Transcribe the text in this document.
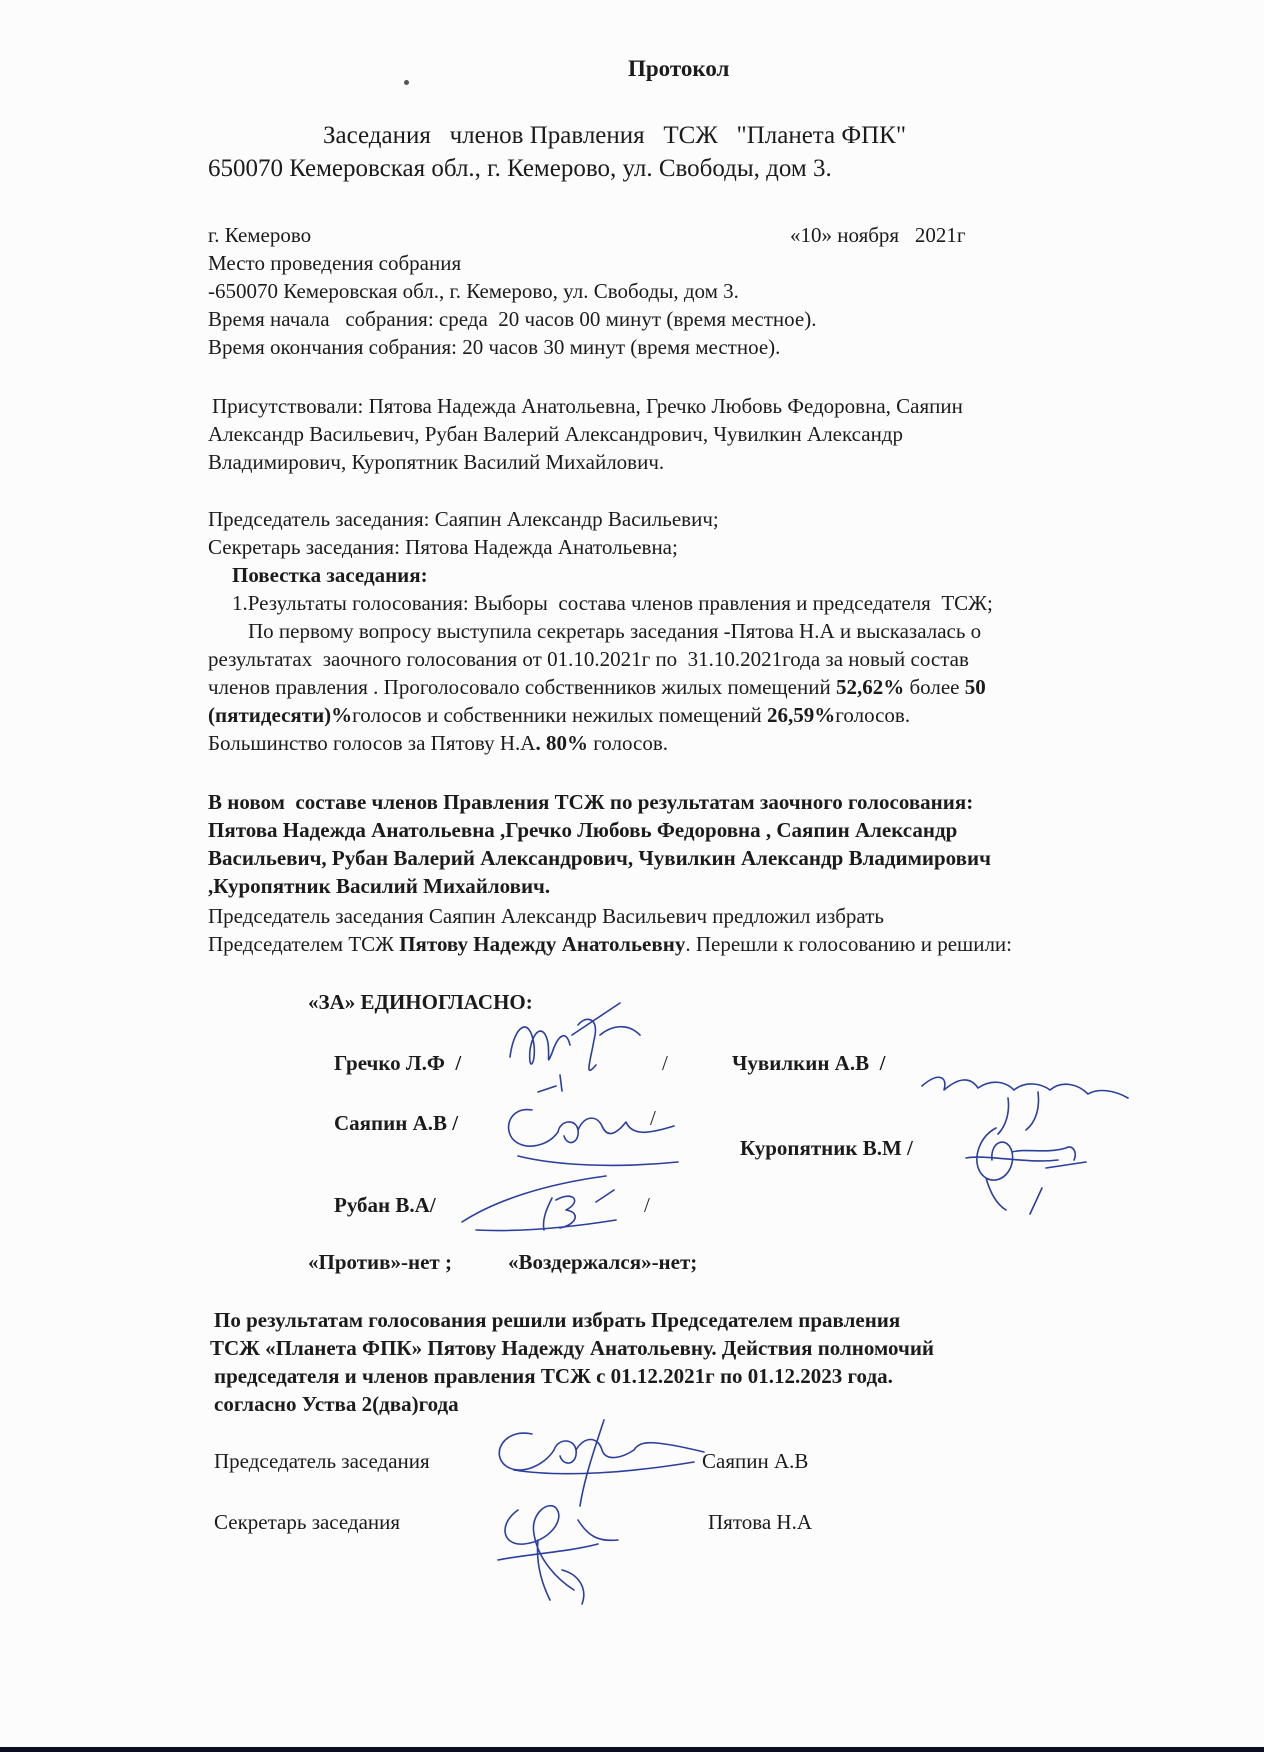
Протокол
Заседания   членов Правления   ТСЖ   "Планета ФПК"
650070 Кемеровская обл., г. Кемерово, ул. Свободы, дом 3.
г. Кемерово	«10» ноября   2021г
Место проведения собрания
-650070 Кемеровская обл., г. Кемерово, ул. Свободы, дом 3.
Время начала   собрания: среда  20 часов 00 минут (время местное).
Время окончания собрания: 20 часов 30 минут (время местное).
Присутствовали: Пятова Надежда Анатольевна, Гречко Любовь Федоровна, Саяпин
Александр Васильевич, Рубан Валерий Александрович, Чувилкин Александр
Владимирович, Куропятник Василий Михайлович.
Председатель заседания: Саяпин Александр Васильевич;
Секретарь заседания: Пятова Надежда Анатольевна;
Повестка заседания:
1.Результаты голосования: Выборы  состава членов правления и председателя  ТСЖ;
По первому вопросу выступила секретарь заседания -Пятова Н.А и высказалась о
результатах  заочного голосования от 01.10.2021г по  31.10.2021года за новый состав
членов правления . Проголосовало собственников жилых помещений 52,62% более 50
(пятидесяти)%голосов и собственники нежилых помещений 26,59%голосов.
Большинство голосов за Пятову Н.А. 80% голосов.
В новом  составе членов Правления ТСЖ по результатам заочного голосования:
Пятова Надежда Анатольевна ,Гречко Любовь Федоровна , Саяпин Александр
Васильевич, Рубан Валерий Александрович, Чувилкин Александр Владимирович
,Куропятник Василий Михайлович.
Председатель заседания Саяпин Александр Васильевич предложил избрать
Председателем ТСЖ Пятову Надежду Анатольевну. Перешли к голосованию и решили:
«ЗА» ЕДИНОГЛАСНО:
Гречко Л.Ф  /	/	Чувилкин А.В  /
Саяпин А.В /	/
Куропятник В.М /
Рубан В.А/	/
«Против»-нет ;	«Воздержался»-нет;
По результатам голосования решили избрать Председателем правления
ТСЖ «Планета ФПК» Пятову Надежду Анатольевну. Действия полномочий
председателя и членов правления ТСЖ с 01.12.2021г по 01.12.2023 года.
согласно Уства 2(два)года
Председатель заседания	Саяпин А.В
Секретарь заседания	Пятова Н.А
